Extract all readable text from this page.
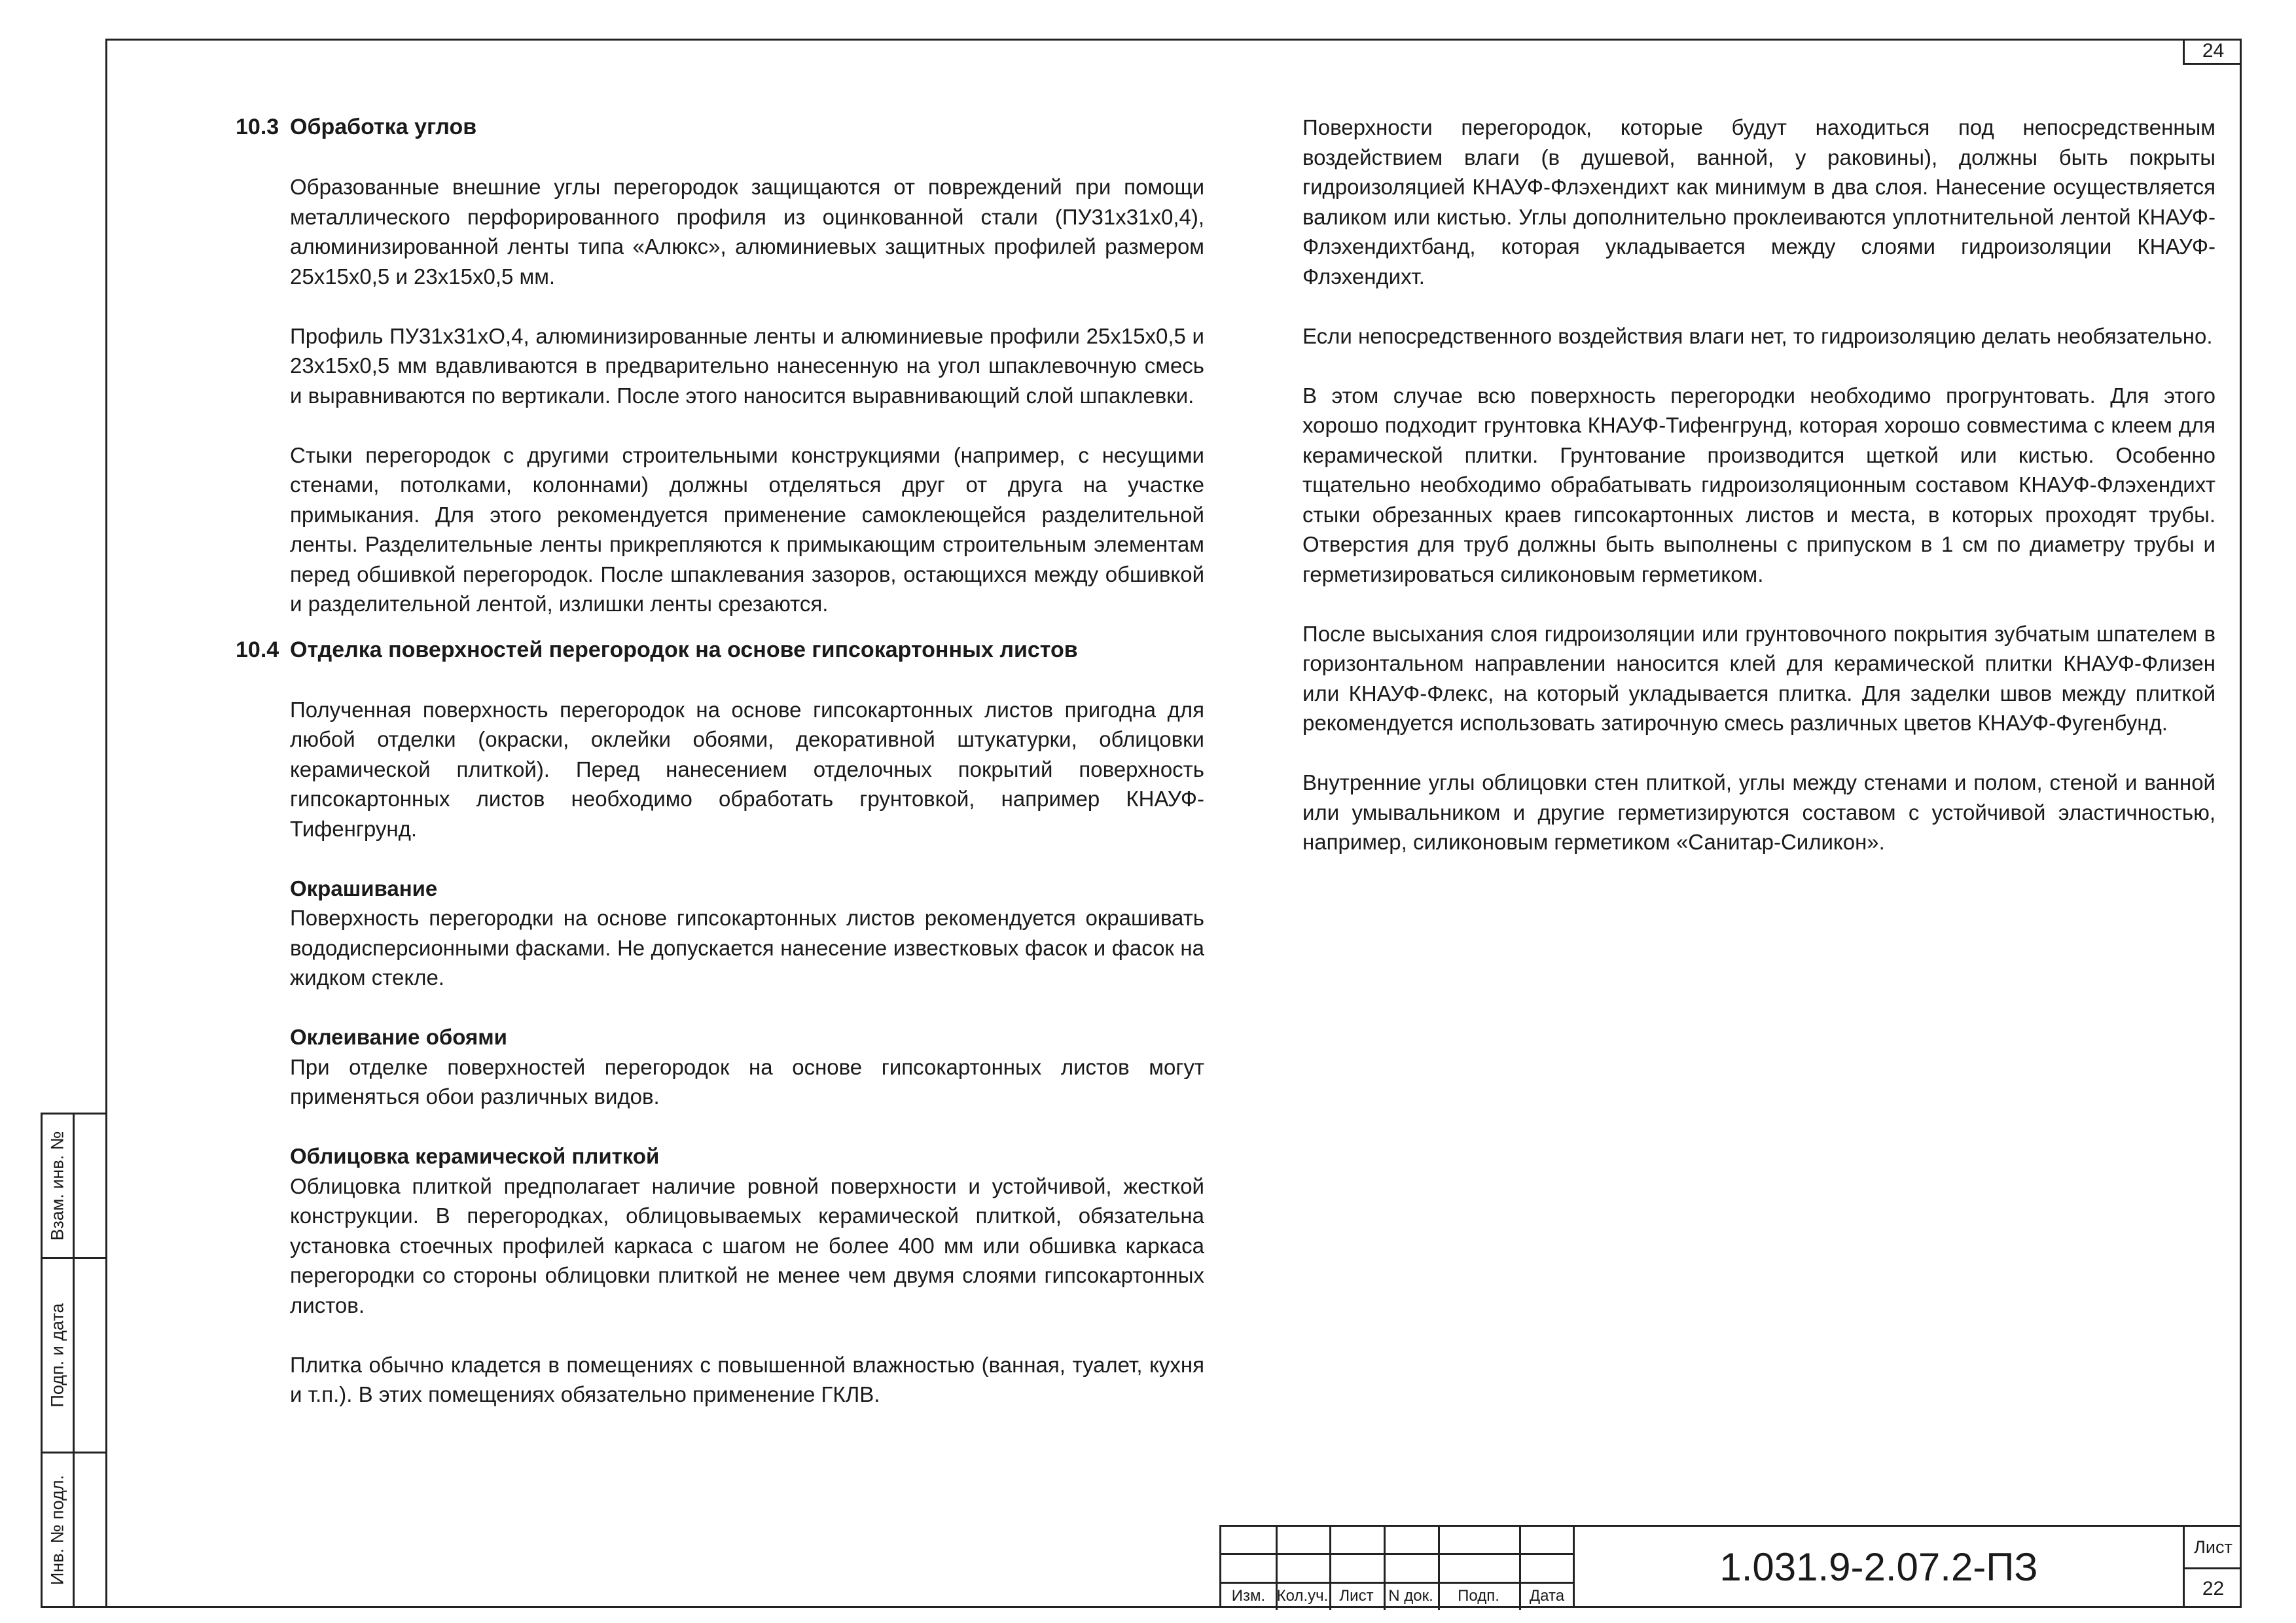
24
10.3 Обработка углов

Образованные внешние углы перегородок защищаются от повреждений при помощи металлического перфорированного профиля из оцинкованной стали (ПУ31х31х0,4), алюминизированной ленты типа «Алюкс», алюминиевых защитных профилей размером 25х15х0,5 и 23х15х0,5 мм.

Профиль ПУ31х31хО,4, алюминизированные ленты и алюминиевые профили 25х15х0,5 и 23х15х0,5 мм вдавливаются в предварительно нанесенную на угол шпаклевочную смесь и выравниваются по вертикали. После этого наносится выравнивающий слой шпаклевки.

Стыки перегородок с другими строительными конструкциями (например, с несущими стенами, потолками, колоннами) должны отделяться друг от друга на участке примыкания. Для этого рекомендуется применение самоклеющейся разделительной ленты. Разделительные ленты прикрепляются к примыкающим строительным элементам перед обшивкой перегородок. После шпаклевания зазоров, остающихся между обшивкой и разделительной лентой, излишки ленты срезаются.

10.4 Отделка поверхностей перегородок на основе гипсокартонных листов

Полученная поверхность перегородок на основе гипсокартонных листов пригодна для любой отделки (окраски, оклейки обоями, декоративной штукатурки, облицовки керамической плиткой). Перед нанесением отделочных покрытий поверхность гипсокартонных листов необходимо обработать грунтовкой, например КНАУФ-Тифенгрунд.

Окрашивание
Поверхность перегородки на основе гипсокартонных листов рекомендуется окрашивать вододисперсионными фасками. Не допускается нанесение известковых фасок и фасок на жидком стекле.
Оклеивание обоями
При отделке поверхностей перегородок на основе гипсокартонных листов могут применяться обои различных видов.
Облицовка керамической плиткой
Облицовка плиткой предполагает наличие ровной поверхности и устойчивой, жесткой конструкции. В перегородках, облицовываемых керамической плиткой, обязательна установка стоечных профилей каркаса с шагом не более 400 мм или обшивка каркаса перегородки со стороны облицовки плиткой не менее чем двумя слоями гипсокартонных листов.

Плитка обычно кладется в помещениях с повышенной влажностью (ванная, туалет, кухня и т.п.). В этих помещениях обязательно применение ГКЛВ.

Поверхности перегородок, которые будут находиться под непосредственным воздействием влаги (в душевой, ванной, у раковины), должны быть покрыты гидроизоляцией КНАУФ-Флэхендихт как минимум в два слоя. Нанесение осуществляется валиком или кистью. Углы дополнительно проклеиваются уплотнительной лентой КНАУФ-Флэхендихтбанд, которая укладывается между слоями гидроизоляции КНАУФ-Флэхендихт.

Если непосредственного воздействия влаги нет, то гидроизоляцию делать необязательно.

В этом случае всю поверхность перегородки необходимо прогрунтовать. Для этого хорошо подходит грунтовка КНАУФ-Тифенгрунд, которая хорошо совместима с клеем для керамической плитки. Грунтование производится щеткой или кистью. Особенно тщательно необходимо обрабатывать гидроизоляционным составом КНАУФ-Флэхендихт стыки обрезанных краев гипсокартонных листов и места, в которых проходят трубы. Отверстия для труб должны быть выполнены с припуском в 1 см по диаметру трубы и герметизироваться силиконовым герметиком.

После высыхания слоя гидроизоляции или грунтовочного покрытия зубчатым шпателем в горизонтальном направлении наносится клей для керамической плитки КНАУФ-Флизен или КНАУФ-Флекс, на который укладывается плитка. Для заделки швов между плиткой рекомендуется использовать затирочную смесь различных цветов КНАУФ-Фугенбунд.

Внутренние углы облицовки стен плиткой, углы между стенами и полом, стеной и ванной или умывальником и другие герметизируются составом с устойчивой эластичностью, например, силиконовым герметиком «Санитар-Силикон».

Взам. инв. №
Подп. и дата
Инв. № подл.
Изм. Кол.уч. Лист N док.	Подп.	Дата
1.031.9-2.07.2-ПЗ	Лист
22
